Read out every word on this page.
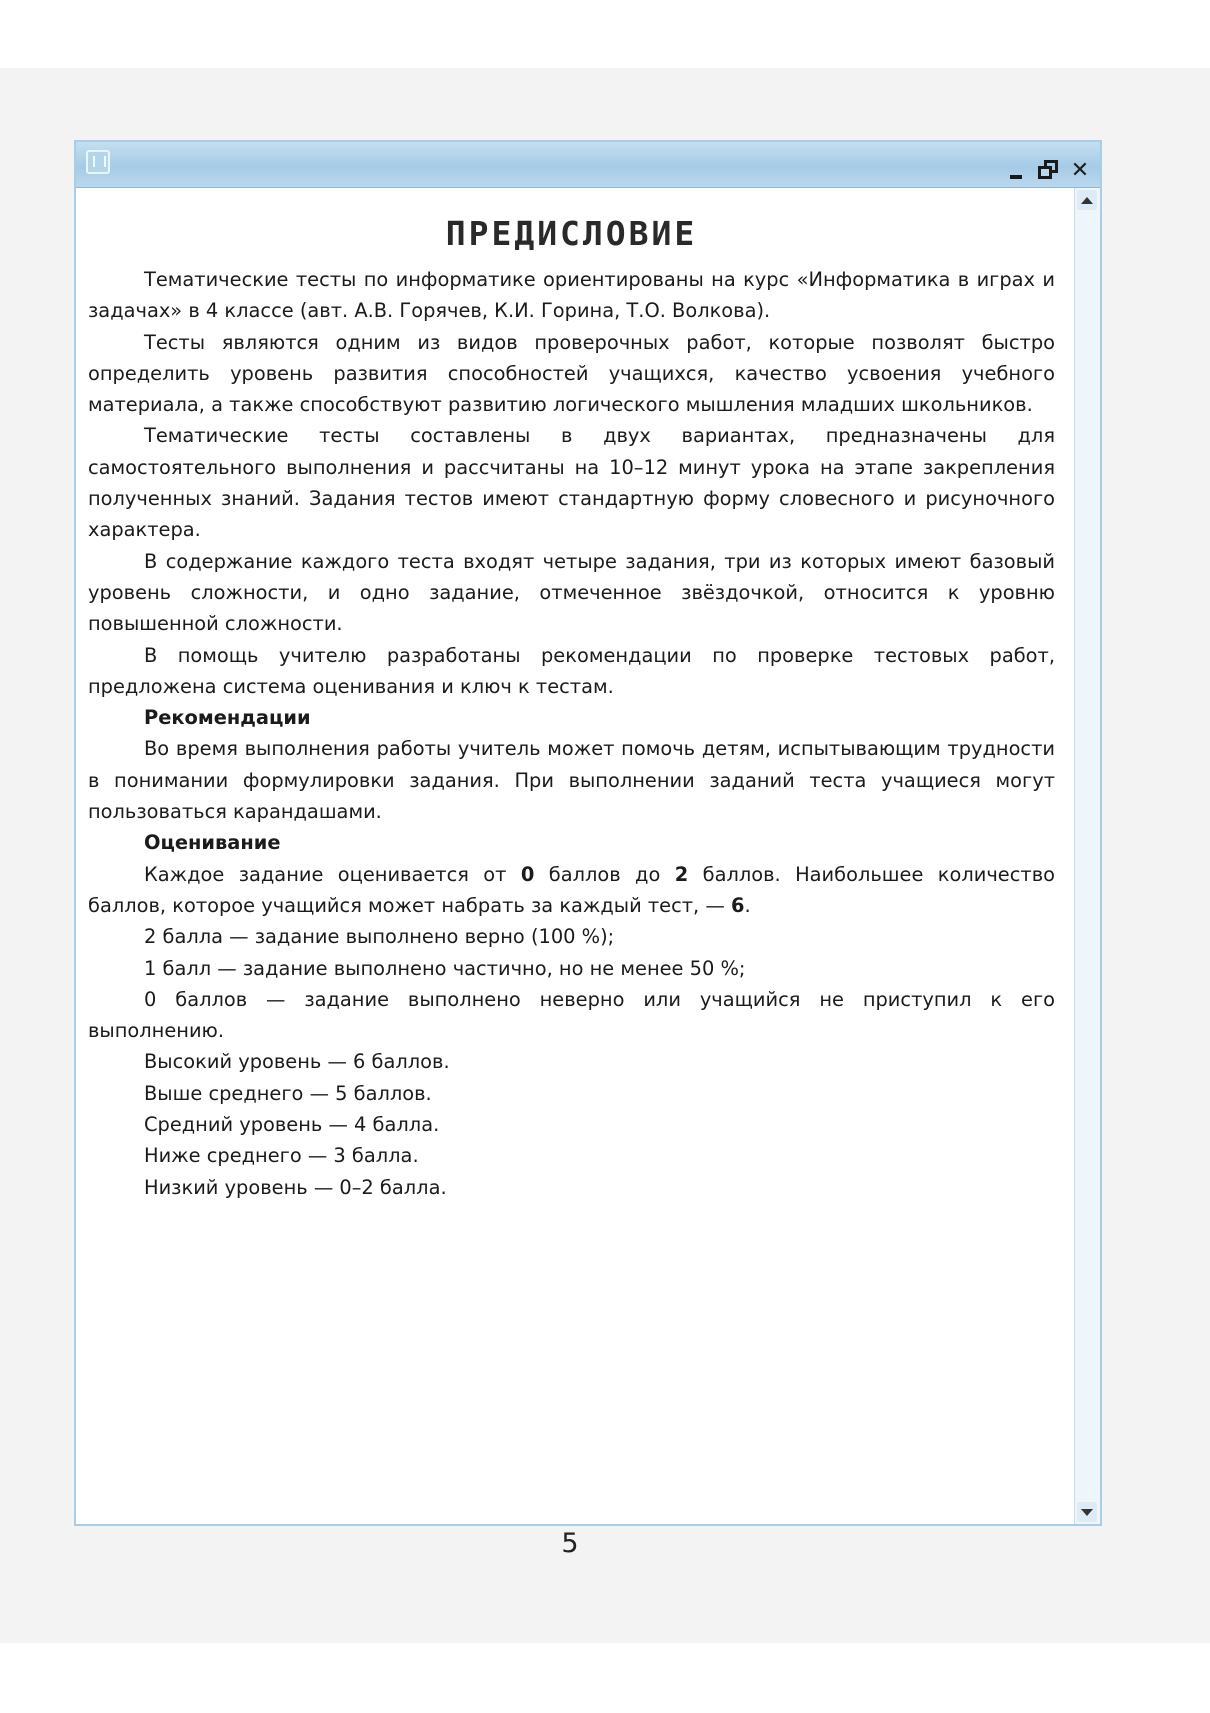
✕
ПРЕДИСЛОВИЕ

Тематические тесты по информатике ориентированы на курс «Информатика в играх и задачах» в 4 классе (авт. А.В. Горячев, К.И. Горина, Т.О. Волкова).

Тесты являются одним из видов проверочных работ, которые позволят быстро определить уровень развития способностей учащихся, качество усвоения учебного материала, а также способствуют развитию логического мышления младших школьников.

Тематические тесты составлены в двух вариантах, предназначены для самостоятельного выполнения и рассчитаны на 10–12 минут урока на этапе закрепления полученных знаний. Задания тестов имеют стандартную форму словесного и рисуночного характера.

В содержание каждого теста входят четыре задания, три из которых имеют базовый уровень сложности, и одно задание, отмеченное звёздочкой, относится к уровню повышенной сложности.

В помощь учителю разработаны рекомендации по проверке тестовых работ, предложена система оценивания и ключ к тестам.

Рекомендации

Во время выполнения работы учитель может помочь детям, испытывающим трудности в понимании формулировки задания. При выполнении заданий теста учащиеся могут пользоваться карандашами.

Оценивание

Каждое задание оценивается от 0 баллов до 2 баллов. Наибольшее количество баллов, которое учащийся может набрать за каждый тест, — 6.

2 балла — задание выполнено верно (100 %);

1 балл — задание выполнено частично, но не менее 50 %;

0 баллов — задание выполнено неверно или учащийся не приступил к его выполнению.

Высокий уровень — 6 баллов.
Выше среднего — 5 баллов.
Средний уровень — 4 балла.
Ниже среднего — 3 балла.
Низкий уровень — 0–2 балла.
5
